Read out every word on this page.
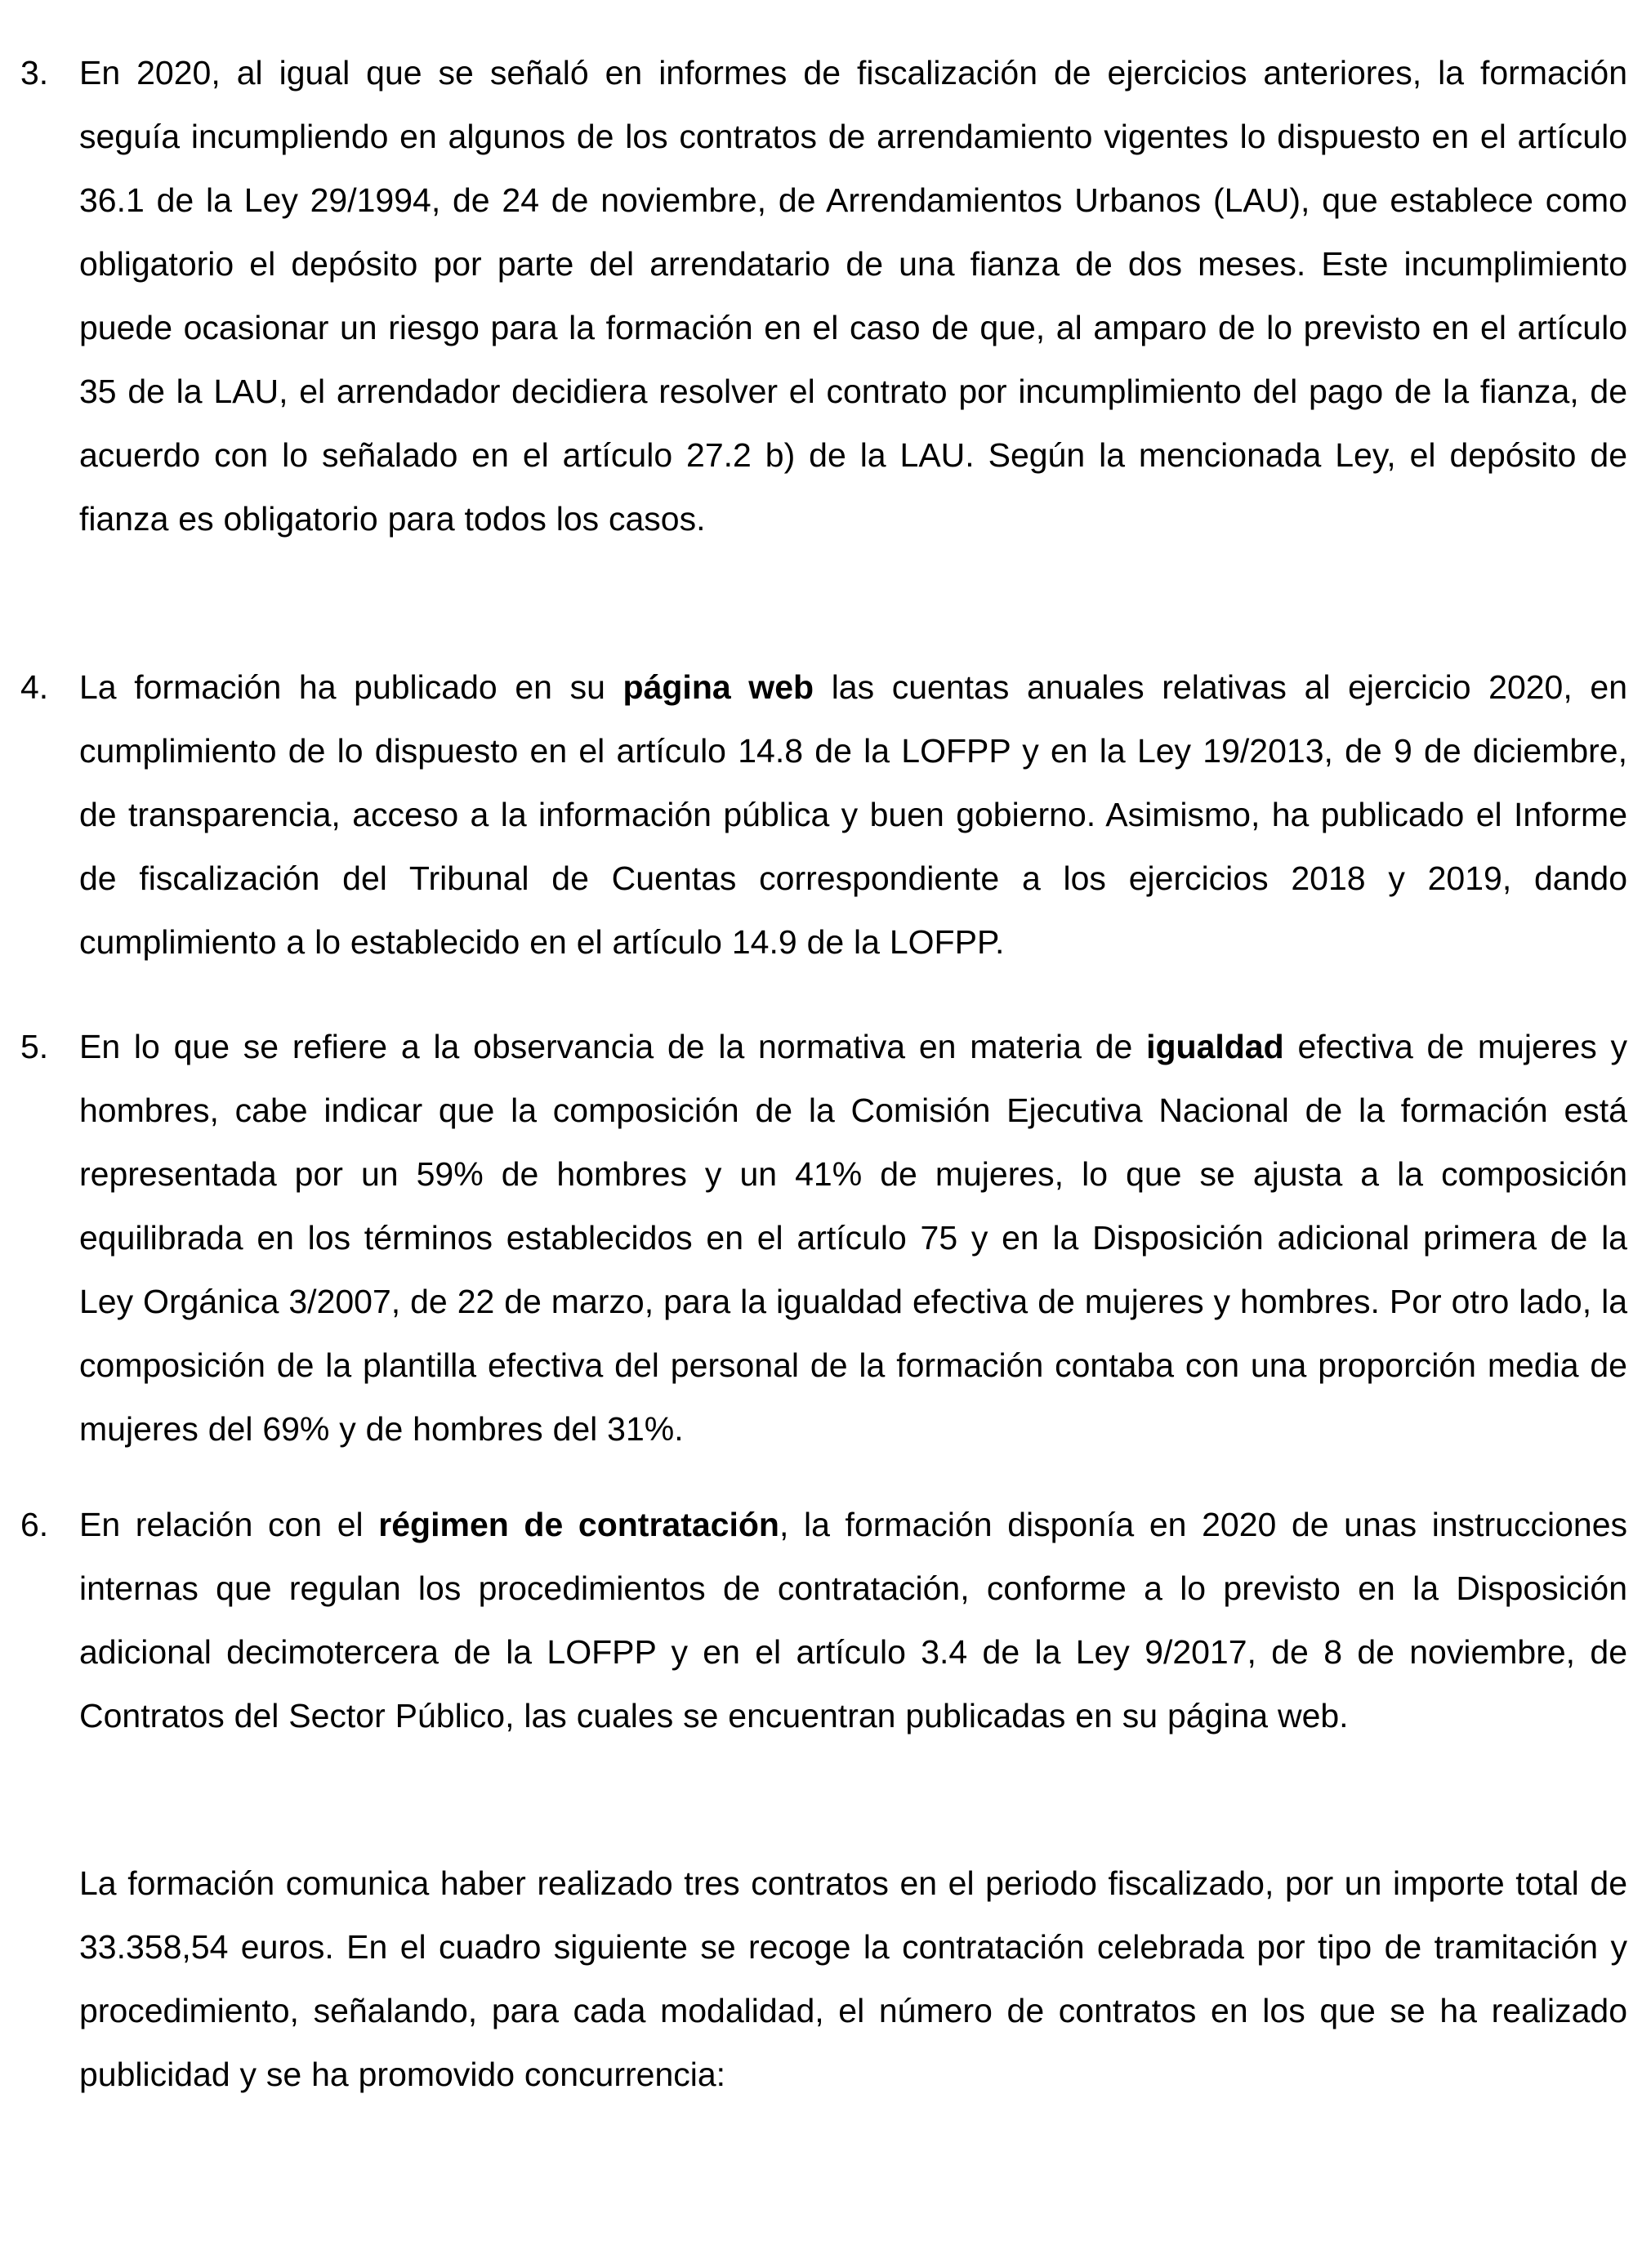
3. En 2020, al igual que se señaló en informes de fiscalización de ejercicios anteriores, la formación seguía incumpliendo en algunos de los contratos de arrendamiento vigentes lo dispuesto en el artículo 36.1 de la Ley 29/1994, de 24 de noviembre, de Arrendamientos Urbanos (LAU), que establece como obligatorio el depósito por parte del arrendatario de una fianza de dos meses. Este incumplimiento puede ocasionar un riesgo para la formación en el caso de que, al amparo de lo previsto en el artículo 35 de la LAU, el arrendador decidiera resolver el contrato por incumplimiento del pago de la fianza, de acuerdo con lo señalado en el artículo 27.2 b) de la LAU. Según la mencionada Ley, el depósito de fianza es obligatorio para todos los casos.

4. La formación ha publicado en su página web las cuentas anuales relativas al ejercicio 2020, en cumplimiento de lo dispuesto en el artículo 14.8 de la LOFPP y en la Ley 19/2013, de 9 de diciembre, de transparencia, acceso a la información pública y buen gobierno. Asimismo, ha publicado el Informe de fiscalización del Tribunal de Cuentas correspondiente a los ejercicios 2018 y 2019, dando cumplimiento a lo establecido en el artículo 14.9 de la LOFPP.

5. En lo que se refiere a la observancia de la normativa en materia de igualdad efectiva de mujeres y hombres, cabe indicar que la composición de la Comisión Ejecutiva Nacional de la formación está representada por un 59% de hombres y un 41% de mujeres, lo que se ajusta a la composición equilibrada en los términos establecidos en el artículo 75 y en la Disposición adicional primera de la Ley Orgánica 3/2007, de 22 de marzo, para la igualdad efectiva de mujeres y hombres. Por otro lado, la composición de la plantilla efectiva del personal de la formación contaba con una proporción media de mujeres del 69% y de hombres del 31%.

6. En relación con el régimen de contratación, la formación disponía en 2020 de unas instrucciones internas que regulan los procedimientos de contratación, conforme a lo previsto en la Disposición adicional decimotercera de la LOFPP y en el artículo 3.4 de la Ley 9/2017, de 8 de noviembre, de Contratos del Sector Público, las cuales se encuentran publicadas en su página web.

La formación comunica haber realizado tres contratos en el periodo fiscalizado, por un importe total de 33.358,54 euros. En el cuadro siguiente se recoge la contratación celebrada por tipo de tramitación y procedimiento, señalando, para cada modalidad, el número de contratos en los que se ha realizado publicidad y se ha promovido concurrencia:
